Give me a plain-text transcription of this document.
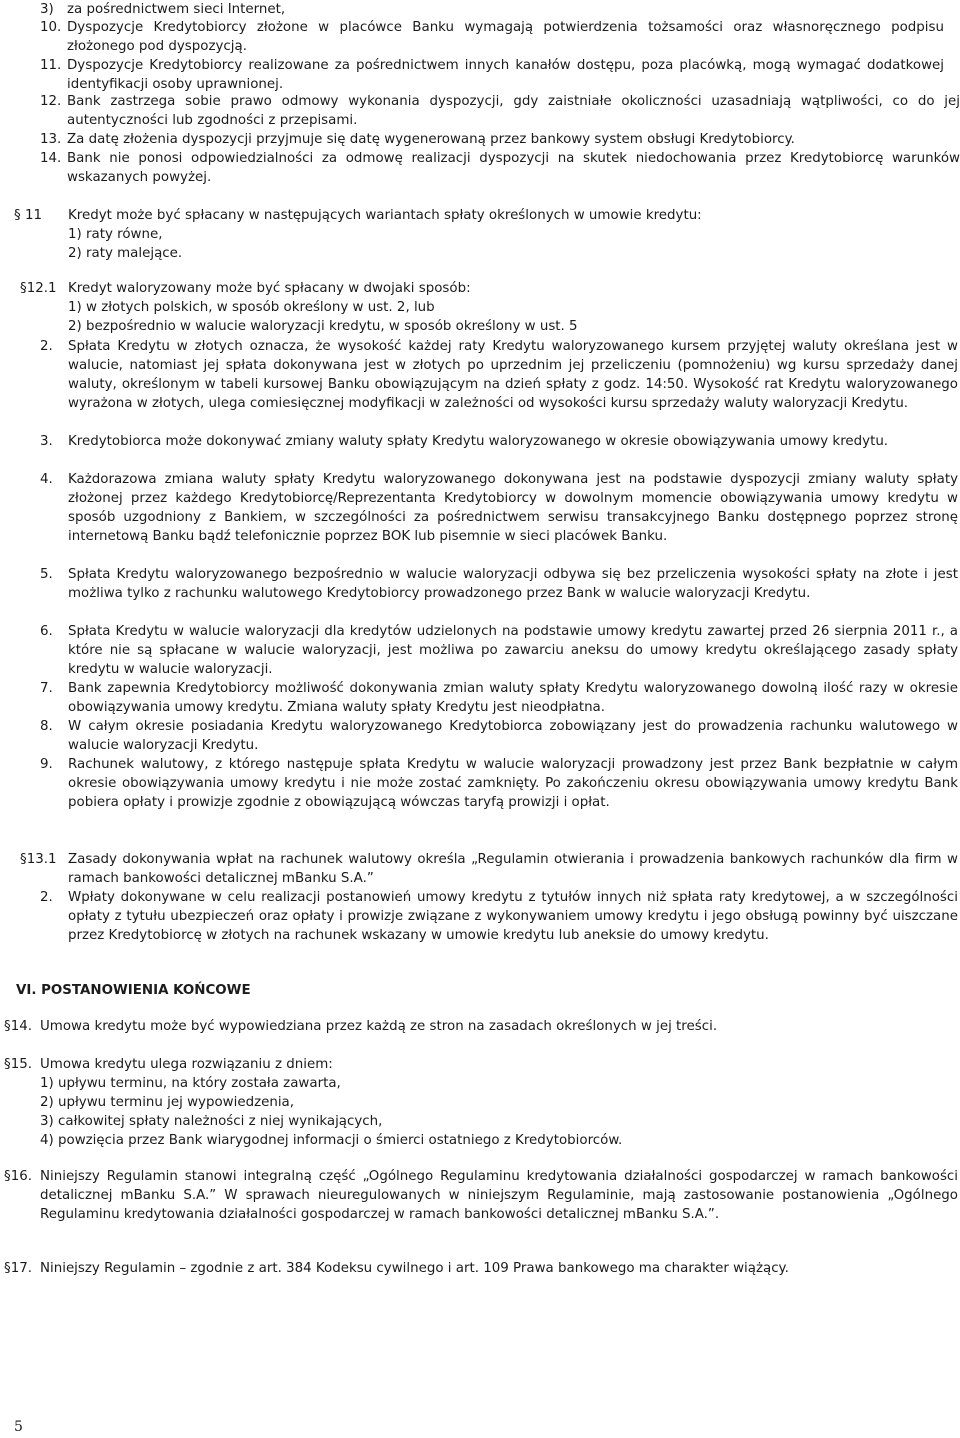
3) za pośrednictwem sieci Internet,
10. Dyspozycje Kredytobiorcy złożone w placówce Banku wymagają potwierdzenia tożsamości oraz własnoręcznego podpisu złożonego pod dyspozycją.
11. Dyspozycje Kredytobiorcy realizowane za pośrednictwem innych kanałów dostępu, poza placówką, mogą wymagać dodatkowej identyfikacji osoby uprawnionej.
12. Bank zastrzega sobie prawo odmowy wykonania dyspozycji, gdy zaistniałe okoliczności uzasadniają wątpliwości, co do jej autentyczności lub zgodności z przepisami.
13. Za datę złożenia dyspozycji przyjmuje się datę wygenerowaną przez bankowy system obsługi Kredytobiorcy.
14. Bank nie ponosi odpowiedzialności za odmowę realizacji dyspozycji na skutek niedochowania przez Kredytobiorcę warunków wskazanych powyżej.
§ 11	Kredyt może być spłacany w następujących wariantach spłaty określonych w umowie kredytu:
1) raty równe,
2) raty malejące.
§12.1 Kredyt waloryzowany może być spłacany w dwojaki sposób:
1) w złotych polskich, w sposób określony w ust. 2, lub
2) bezpośrednio w walucie waloryzacji kredytu, w sposób określony w ust. 5
2.	Spłata Kredytu w złotych oznacza, że wysokość każdej raty Kredytu waloryzowanego kursem przyjętej waluty określana jest w walucie, natomiast jej spłata dokonywana jest w złotych po uprzednim jej przeliczeniu (pomnożeniu) wg kursu sprzedaży danej waluty, określonym w tabeli kursowej Banku obowiązującym na dzień spłaty z godz. 14:50. Wysokość rat Kredytu waloryzowanego wyrażona w złotych, ulega comiesięcznej modyfikacji w zależności od wysokości kursu sprzedaży waluty waloryzacji Kredytu.
3.	Kredytobiorca może dokonywać zmiany waluty spłaty Kredytu waloryzowanego w okresie obowiązywania umowy kredytu.
4.	Każdorazowa zmiana waluty spłaty Kredytu waloryzowanego dokonywana jest na podstawie dyspozycji zmiany waluty spłaty złożonej przez każdego Kredytobiorcę/Reprezentanta Kredytobiorcy w dowolnym momencie obowiązywania umowy kredytu w sposób uzgodniony z Bankiem, w szczególności za pośrednictwem serwisu transakcyjnego Banku dostępnego poprzez stronę internetową Banku bądź telefonicznie poprzez BOK lub pisemnie w sieci placówek Banku.
5.	Spłata Kredytu waloryzowanego bezpośrednio w walucie waloryzacji odbywa się bez przeliczenia wysokości spłaty na złote i jest możliwa tylko z rachunku walutowego Kredytobiorcy prowadzonego przez Bank w walucie waloryzacji Kredytu.
6.	Spłata Kredytu w walucie waloryzacji dla kredytów udzielonych na podstawie umowy kredytu zawartej przed 26 sierpnia 2011 r., a które nie są spłacane w walucie waloryzacji, jest możliwa po zawarciu aneksu do umowy kredytu określającego zasady spłaty kredytu w walucie waloryzacji.
7.	Bank zapewnia Kredytobiorcy możliwość dokonywania zmian waluty spłaty Kredytu waloryzowanego dowolną ilość razy w okresie obowiązywania umowy kredytu. Zmiana waluty spłaty Kredytu jest nieodpłatna.
8.	W całym okresie posiadania Kredytu waloryzowanego Kredytobiorca zobowiązany jest do prowadzenia rachunku walutowego w walucie waloryzacji Kredytu.
9.	Rachunek walutowy, z którego następuje spłata Kredytu w walucie waloryzacji prowadzony jest przez Bank bezpłatnie w całym okresie obowiązywania umowy kredytu i nie może zostać zamknięty. Po zakończeniu okresu obowiązywania umowy kredytu Bank pobiera opłaty i prowizje zgodnie z obowiązującą wówczas taryfą prowizji i opłat.
§13.1 Zasady dokonywania wpłat na rachunek walutowy określa „Regulamin otwierania i prowadzenia bankowych rachunków dla firm w ramach bankowości detalicznej mBanku S.A.”
2.	Wpłaty dokonywane w celu realizacji postanowień umowy kredytu z tytułów innych niż spłata raty kredytowej, a w szczególności opłaty z tytułu ubezpieczeń oraz opłaty i prowizje związane z wykonywaniem umowy kredytu i jego obsługą powinny być uiszczane przez Kredytobiorcę w złotych na rachunek wskazany w umowie kredytu lub aneksie do umowy kredytu.
VI. POSTANOWIENIA KOŃCOWE
§14. Umowa kredytu może być wypowiedziana przez każdą ze stron na zasadach określonych w jej treści.
§15. Umowa kredytu ulega rozwiązaniu z dniem:
1) upływu terminu, na który została zawarta,
2) upływu terminu jej wypowiedzenia,
3) całkowitej spłaty należności z niej wynikających,
4) powzięcia przez Bank wiarygodnej informacji o śmierci ostatniego z Kredytobiorców.
§16. Niniejszy Regulamin stanowi integralną część „Ogólnego Regulaminu kredytowania działalności gospodarczej w ramach bankowości detalicznej mBanku S.A.” W sprawach nieuregulowanych w niniejszym Regulaminie, mają zastosowanie postanowienia „Ogólnego Regulaminu kredytowania działalności gospodarczej w ramach bankowości detalicznej mBanku S.A.”.
§17. Niniejszy Regulamin – zgodnie z art. 384 Kodeksu cywilnego i art. 109 Prawa bankowego ma charakter wiążący.
5
